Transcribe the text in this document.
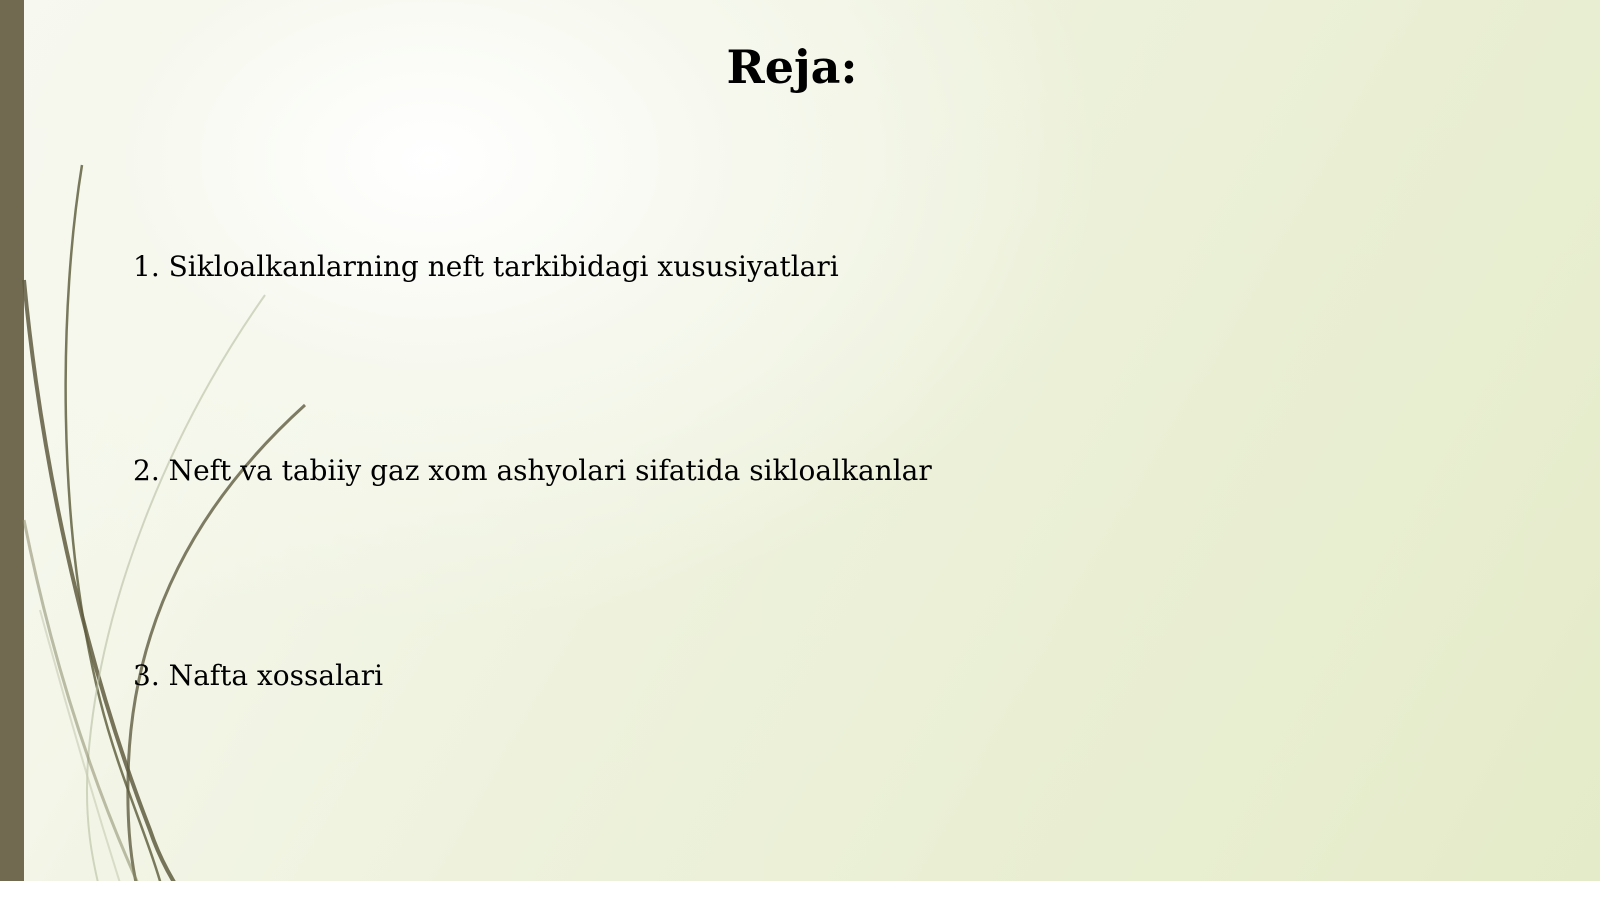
Reja:
1. Sikloalkanlarning neft tarkibidagi xususiyatlari
2. Neft va tabiiy gaz xom ashyolari sifatida sikloalkanlar
3. Nafta xossalari
